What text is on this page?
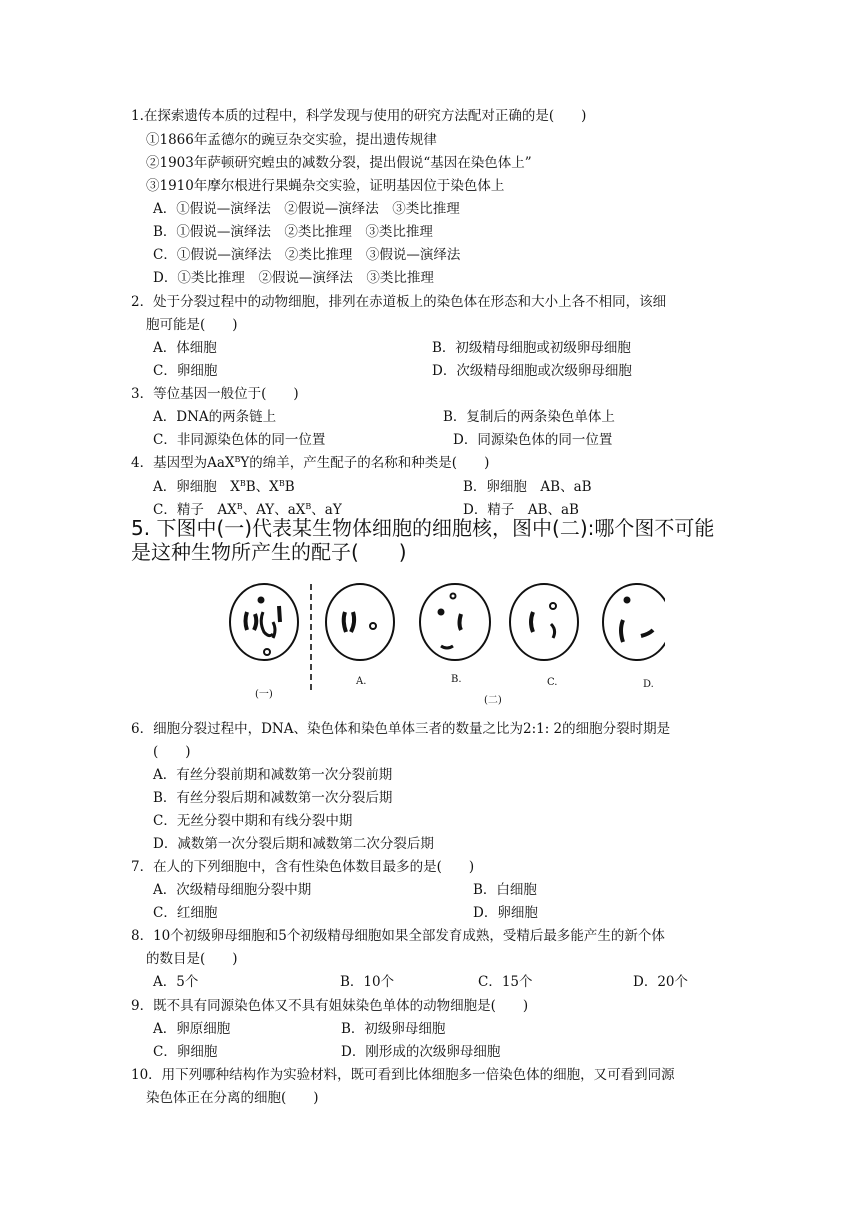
1.在探索遗传本质的过程中，科学发现与使用的研究方法配对正确的是(　　)
①1866年孟德尔的豌豆杂交实验，提出遗传规律
②1903年萨顿研究蝗虫的减数分裂，提出假说“基因在染色体上”
③1910年摩尔根进行果蝇杂交实验，证明基因位于染色体上
A．①假说—演绎法　②假说—演绎法　③类比推理
B．①假说—演绎法　②类比推理　③类比推理
C．①假说—演绎法　②类比推理　③假说—演绎法
D．①类比推理　②假说—演绎法　③类比推理
2．处于分裂过程中的动物细胞，排列在赤道板上的染色体在形态和大小上各不相同，该细
胞可能是(　　)
A．体细胞	B．初级精母细胞或初级卵母细胞
C．卵细胞	D．次级精母细胞或次级卵母细胞
3．等位基因一般位于(　　)
A．DNA的两条链上	B．复制后的两条染色单体上
C．非同源染色体的同一位置	D．同源染色体的同一位置
4．基因型为AaX$^B$Y的绵羊，产生配子的名称和种类是(　　)
A．卵细胞　$X^BB$、$X^BB$	B．卵细胞　AB、aB
C．精子　$AX^B$、AY、$aX^B$、aY	D．精子　AB、aB
5. 下图中(一)代表某生物体细胞的细胞核，图中(二):哪个图不可能
是这种生物所产生的配子(　　)
(一)
A.	B.	C.	D.
(二)
6．细胞分裂过程中，DNA、染色体和染色单体三者的数量之比为2:1: 2的细胞分裂时期是
(　　)
A．有丝分裂前期和减数第一次分裂前期
B．有丝分裂后期和减数第一次分裂后期
C．无丝分裂中期和有线分裂中期
D．减数第一次分裂后期和减数第二次分裂后期
7．在人的下列细胞中，含有性染色体数目最多的是(　　)
A．次级精母细胞分裂中期	B．白细胞
C．红细胞	D．卵细胞
8．10个初级卵母细胞和5个初级精母细胞如果全部发育成熟，受精后最多能产生的新个体
的数目是(　　)
A．5个	B．10个	C．15个	D．20个
9．既不具有同源染色体又不具有姐妹染色单体的动物细胞是(　　)
A．卵原细胞	B．初级卵母细胞
C．卵细胞	D．刚形成的次级卵母细胞
10．用下列哪种结构作为实验材料，既可看到比体细胞多一倍染色体的细胞，又可看到同源
染色体正在分离的细胞(　　)
